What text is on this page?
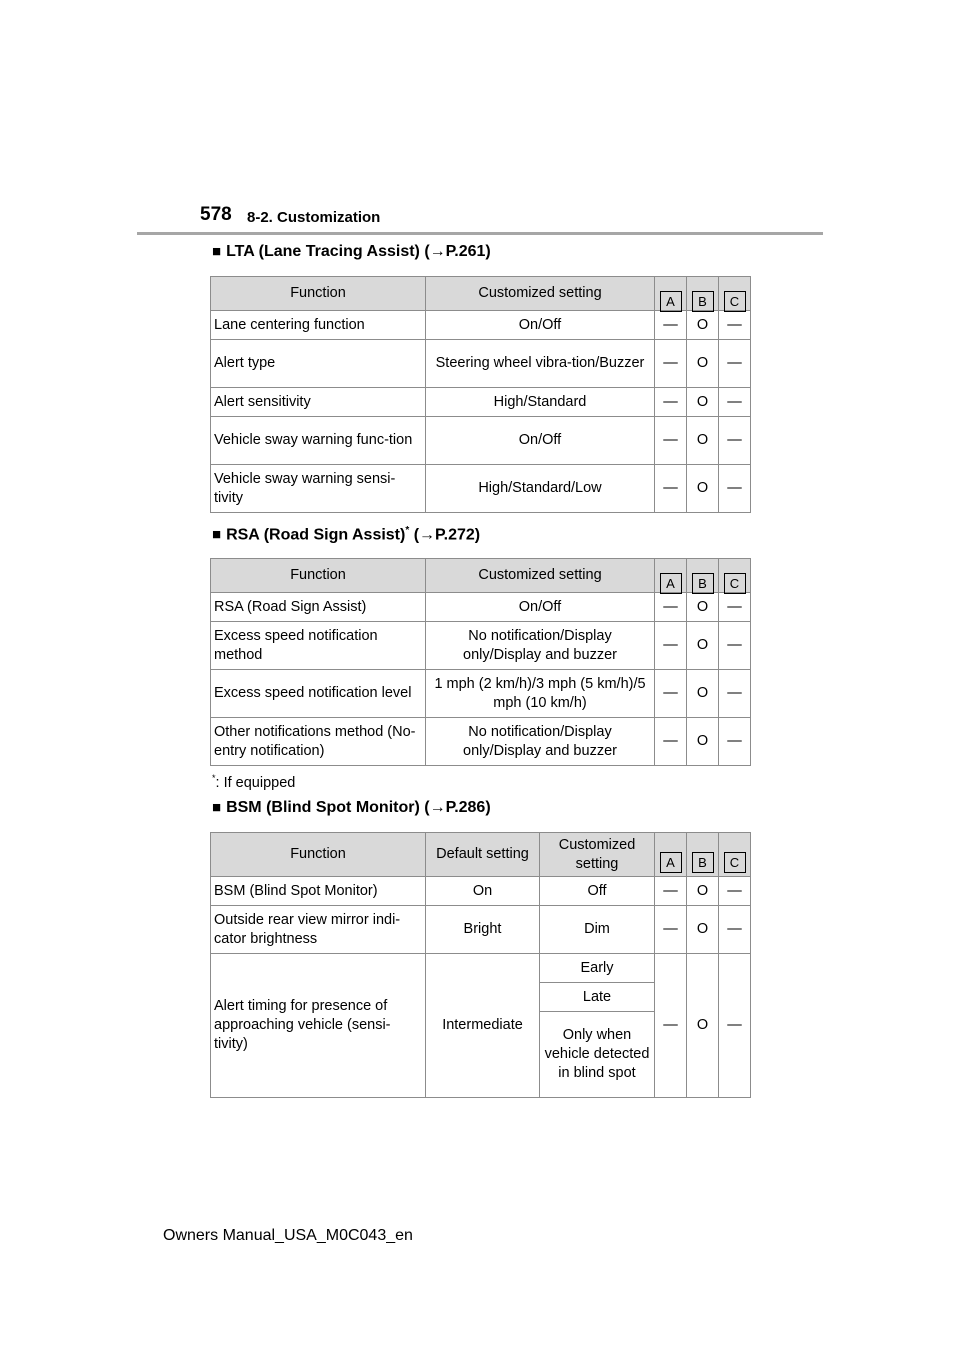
578 8-2. Customization
■ LTA (Lane Tracing Assist) (→P.261)
Function	Customized setting	A	B	C
Lane centering function	On/Off	—	O	—
Alert type	Steering wheel vibra-tion/Buzzer	—	O	—
Alert sensitivity	High/Standard	—	O	—
Vehicle sway warning func-tion	On/Off	—	O	—
Vehicle sway warning sensi-tivity	High/Standard/Low	—	O	—
■ RSA (Road Sign Assist)* (→P.272)
Function	Customized setting	A	B	C
RSA (Road Sign Assist)	On/Off	—	O	—
Excess speed notification method	No notification/Display only/Display and buzzer	—	O	—
Excess speed notification level	1 mph (2 km/h)/3 mph (5 km/h)/5 mph (10 km/h)	—	O	—
Other notifications method (No-entry notification)	No notification/Display only/Display and buzzer	—	O	—
*: If equipped
■ BSM (Blind Spot Monitor) (→P.286)
Function	Default setting	Customized setting	A	B	C
BSM (Blind Spot Monitor)	On	Off	—	O	—
Outside rear view mirror indi-cator brightness	Bright	Dim	—	O	—
Alert timing for presence of approaching vehicle (sensi-tivity)	Intermediate	Early	—	O	—
		Late			
		Only when vehicle detected in blind spot			
Owners Manual_USA_M0C043_en
